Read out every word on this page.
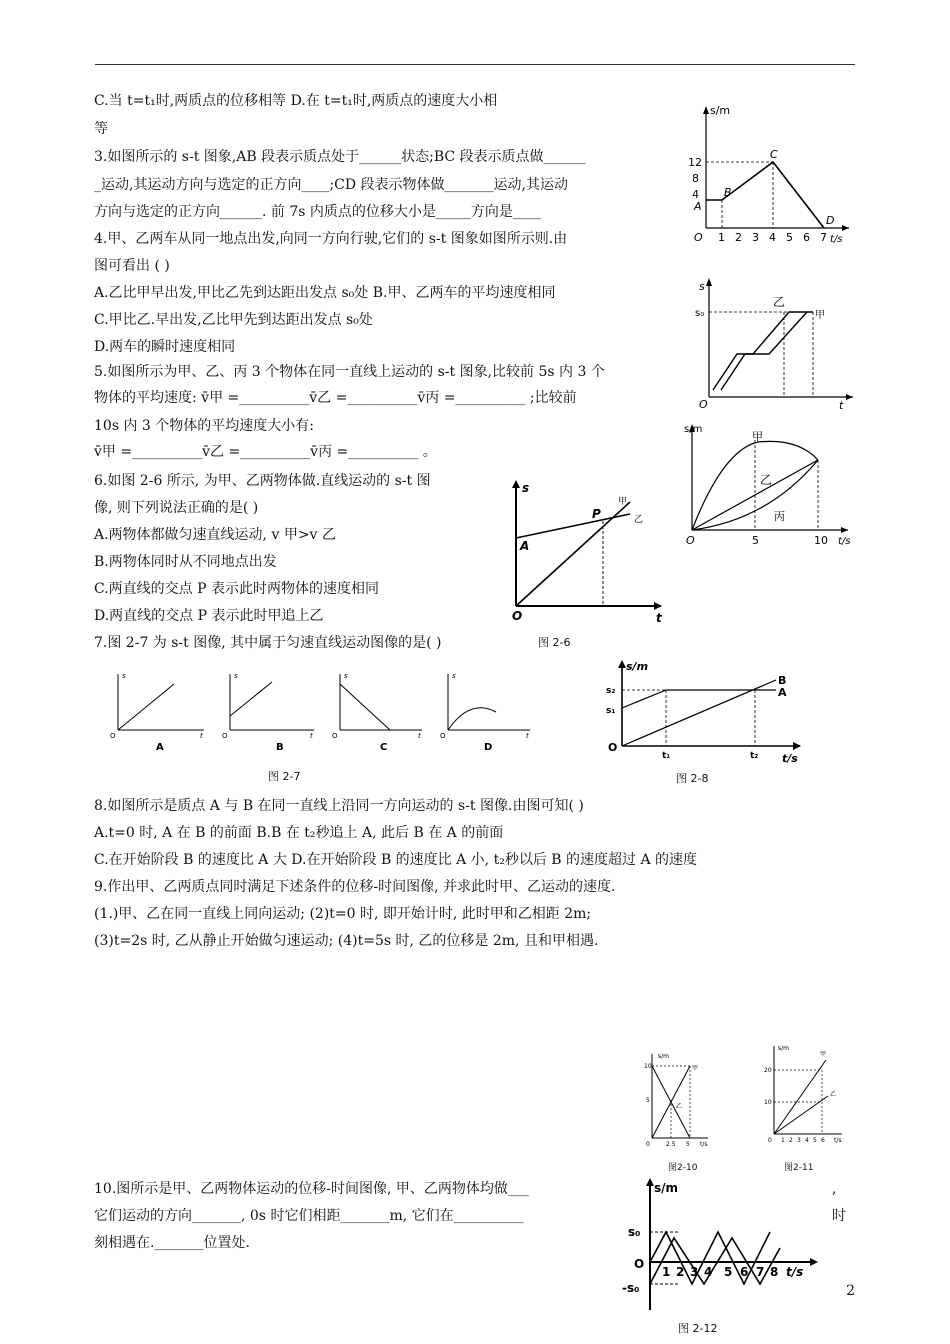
C.当 t=t₁时,两质点的位移相等 D.在 t=t₁时,两质点的速度大小相
等
3.如图所示的 s-t 图象,AB 段表示质点处于______状态;BC 段表示质点做______
_运动,其运动方向与选定的正方向____;CD 段表示物体做_______运动,其运动
方向与选定的正方向______. 前 7s 内质点的位移大小是_____方向是____
4.甲、乙两车从同一地点出发,向同一方向行驶,它们的 s-t 图象如图所示则.由
图可看出 ( )
A.乙比甲早出发,甲比乙先到达距出发点 s₀处 B.甲、乙两车的平均速度相同
C.甲比乙.早出发,乙比甲先到达距出发点 s₀处
D.两车的瞬时速度相同
5.如图所示为甲、乙、丙 3 个物体在同一直线上运动的 s-t 图象,比较前 5s 内 3 个
物体的平均速度: v̄甲 =__________v̄乙 =__________v̄丙 =__________ ;比较前
10s 内 3 个物体的平均速度大小有:
v̄甲 =__________v̄乙 =__________v̄丙 =__________ 。
6.如图 2-6 所示, 为甲、乙两物体做.直线运动的 s-t 图
像, 则下列说法正确的是( )
A.两物体都做匀速直线运动, v 甲>v 乙
B.两物体同时从不同地点出发
C.两直线的交点 P 表示此时两物体的速度相同
D.两直线的交点 P 表示此时甲追上乙
7.图 2-7 为 s-t 图像, 其中属于匀速直线运动图像的是( )
8.如图所示是质点 A 与 B 在同一直线上沿同一方向运动的 s-t 图像.由图可知( )
A.t=0 时, A 在 B 的前面 B.B 在 t₂秒追上 A, 此后 B 在 A 的前面
C.在开始阶段 B 的速度比 A 大 D.在开始阶段 B 的速度比 A 小, t₂秒以后 B 的速度超过 A 的速度
9.作出甲、乙两质点同时满足下述条件的位移-时间图像, 并求此时甲、乙运动的速度.
(1.)甲、乙在同一直线上同向运动; (2)t=0 时, 即开始计时, 此时甲和乙相距 2m;
(3)t=2s 时, 乙从静止开始做匀速运动; (4)t=5s 时, 乙的位移是 2m, 且和甲相遇.
10.图所示是甲、乙两物体运动的位移-时间图像, 甲、乙两物体均做___
它们运动的方向_______, 0s 时它们相距_______m, 它们在__________
刻相遇在._______位置处.
,
时
s/m
t/s
O
12
8
4
1 2 3 4 5 6 7
A
B
C
D
s
t
O
s₀	甲
乙
s/m
t/s
O	5	10
甲
乙
丙
s
t
O
A
P
甲
乙
图 2-6
O
s
t
A
O
s
t
B
O
s
t
C
O
s
t
D
图 2-7
s/m
t/s
O
s₂
s₁
B
A
t₁	t₂
图 2-8
s/m
t/s
0
10
5
2.5 5
甲
乙
图2-10
s/m
t/s
0
20
10
1 2 3 4 5 6
甲
乙
图2-11
s/m
t/s
O
s₀
-s₀
1 2 3 4 5 6 7 8
图 2-12
2
